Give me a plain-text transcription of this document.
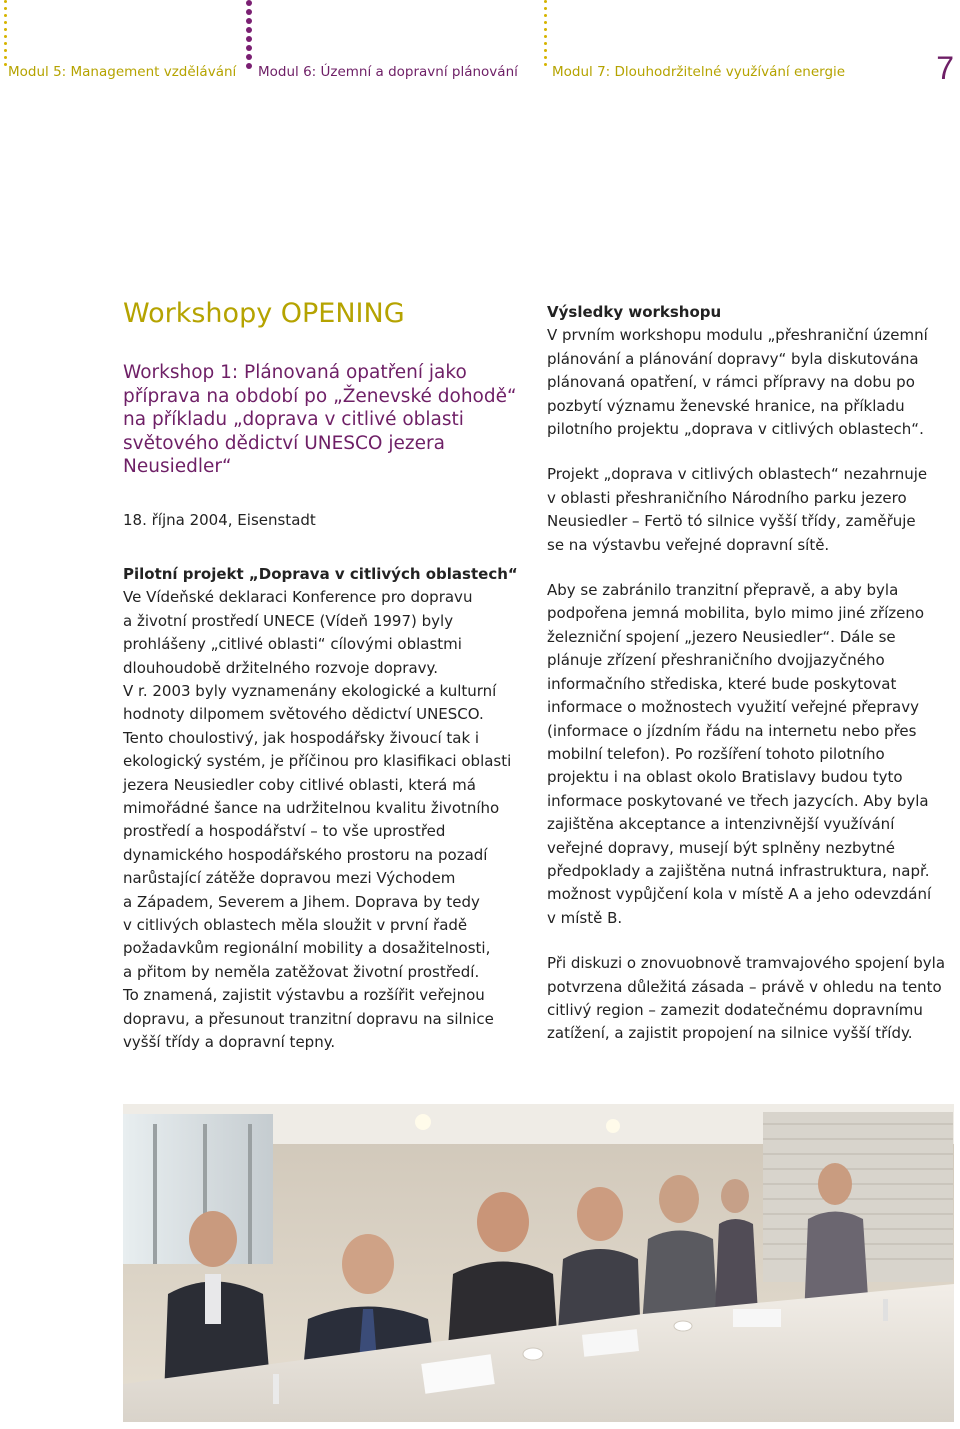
Modul 5: Management vzdělávání Modul 6: Územní a dopravní plánování	Modul 7: Dlouhodržitelné využívání energie	7
Workshopy OPENING
Workshop 1: Plánovaná opatření jako
příprava na období po „Ženevské dohodě“
na příkladu „doprava v citlivé oblasti
světového dědictví UNESCO jezera
Neusiedler“

18. října 2004, Eisenstadt

Pilotní projekt „Doprava v citlivých oblastech“

Ve Vídeňské deklaraci Konference pro dopravu
a životní prostředí UNECE (Vídeň 1997) byly
prohlášeny „citlivé oblasti“ cílovými oblastmi
dlouhoudobě držitelného rozvoje dopravy.
V r. 2003 byly vyznamenány ekologické a kulturní
hodnoty dilpomem světového dědictví UNESCO.
Tento choulostivý, jak hospodářsky živoucí tak i
ekologický systém, je příčinou pro klasifikaci oblasti
jezera Neusiedler coby citlivé oblasti, která má
mimořádné šance na udržitelnou kvalitu životního
prostředí a hospodářství – to vše uprostřed
dynamického hospodářského prostoru na pozadí
narůstající zátěže dopravou mezi Východem
a Západem, Severem a Jihem. Doprava by tedy
v citlivých oblastech měla sloužit v první řadě
požadavkům regionální mobility a dosažitelnosti,
a přitom by neměla zatěžovat životní prostředí.
To znamená, zajistit výstavbu a rozšířit veřejnou
dopravu, a přesunout tranzitní dopravu na silnice
vyšší třídy a dopravní tepny.

Výsledky workshopu

V prvním workshopu modulu „přeshraniční územní
plánování a plánování dopravy“ byla diskutována
plánovaná opatření, v rámci přípravy na dobu po
pozbytí významu ženevské hranice, na příkladu
pilotního projektu „doprava v citlivých oblastech“.

Projekt „doprava v citlivých oblastech“ nezahrnuje
v oblasti přeshraničního Národního parku jezero
Neusiedler – Fertö tó silnice vyšší třídy, zaměřuje
se na výstavbu veřejné dopravní sítě.

Aby se zabránilo tranzitní přepravě, a aby byla
podpořena jemná mobilita, bylo mimo jiné zřízeno
železniční spojení „jezero Neusiedler“. Dále se
plánuje zřízení přeshraničního dvojjazyčného
informačního střediska, které bude poskytovat
informace o možnostech využití veřejné přepravy
(informace o jízdním řádu na internetu nebo přes
mobilní telefon). Po rozšíření tohoto pilotního
projektu i na oblast okolo Bratislavy budou tyto
informace poskytované ve třech jazycích. Aby byla
zajištěna akceptance a intenzivnější využívání
veřejné dopravy, musejí být splněny nezbytné
předpoklady a zajištěna nutná infrastruktura, např.
možnost vypůjčení kola v místě A a jeho odevzdání
v místě B.

Při diskuzi o znovuobnově tramvajového spojení byla
potvrzena důležitá zásada – právě v ohledu na tento
citlivý region – zamezit dodatečnému dopravnímu
zatížení, a zajistit propojení na silnice vyšší třídy.
